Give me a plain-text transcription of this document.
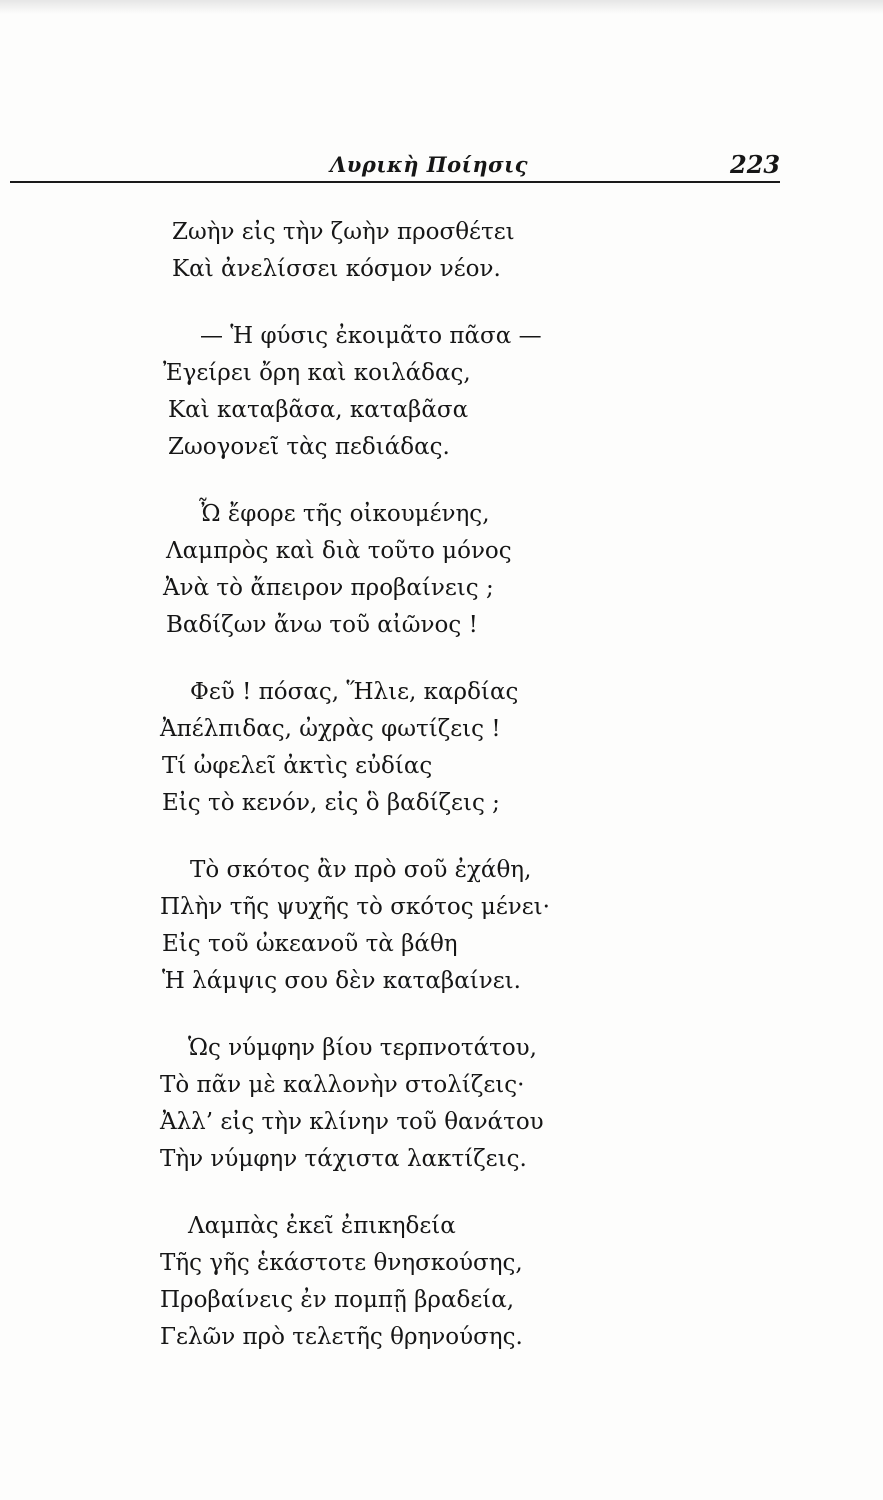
Λυρικὴ Ποίησις	223
Ζωὴν εἰς τὴν ζωὴν προσθέτει
Καὶ ἀνελίσσει κόσμον νέον.
— Ἡ φύσις ἐκοιμᾶτο πᾶσα —
Ἐγείρει ὄρη καὶ κοιλάδας,
Καὶ καταβᾶσα, καταβᾶσα
Ζωογονεῖ τὰς πεδιάδας.
Ὦ ἔφορε τῆς οἰκουμένης,
Λαμπρὸς καὶ διὰ τοῦτο μόνος
Ἀνὰ τὸ ἄπειρον προβαίνεις ;
Βαδίζων ἄνω τοῦ αἰῶνος !
Φεῦ ! πόσας, Ἥλιε, καρδίας
Ἀπέλπιδας, ὠχρὰς φωτίζεις !
Τί ὠφελεῖ ἀκτὶς εὐδίας
Εἰς τὸ κενόν, εἰς ὃ βαδίζεις ;
Τὸ σκότος ἂν πρὸ σοῦ ἐχάθη,
Πλὴν τῆς ψυχῆς τὸ σκότος μένει·
Εἰς τοῦ ὠκεανοῦ τὰ βάθη
Ἡ λάμψις σου δὲν καταβαίνει.
Ὡς νύμφην βίου τερπνοτάτου,
Τὸ πᾶν μὲ καλλονὴν στολίζεις·
Ἀλλ’ εἰς τὴν κλίνην τοῦ θανάτου
Τὴν νύμφην τάχιστα λακτίζεις.
Λαμπὰς ἐκεῖ ἐπικηδεία
Τῆς γῆς ἑκάστοτε θνησκούσης,
Προβαίνεις ἐν πομπῇ βραδεία,
Γελῶν πρὸ τελετῆς θρηνούσης.
